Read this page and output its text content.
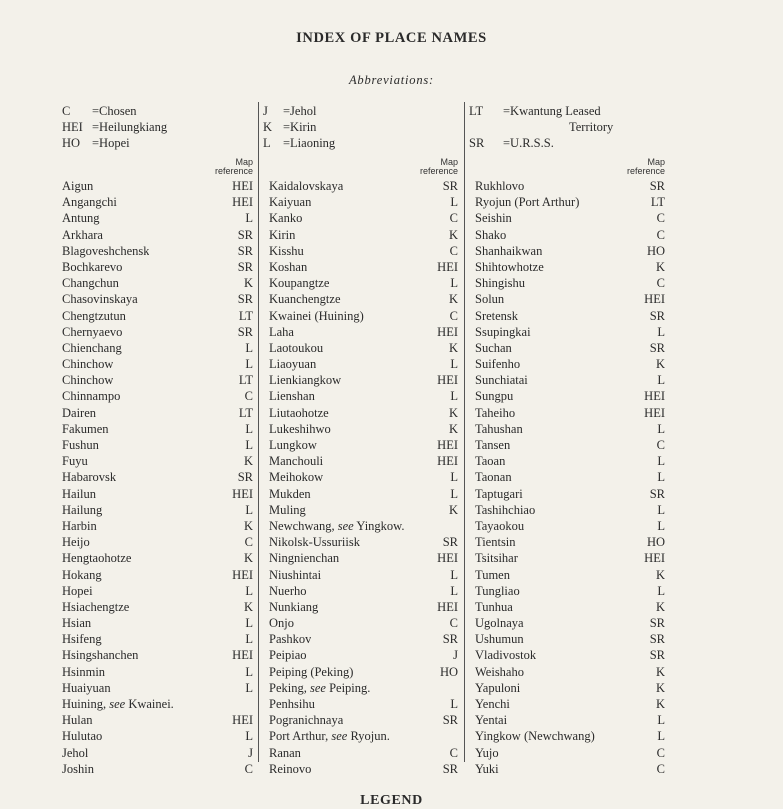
INDEX OF PLACE NAMES
Abbreviations:
C =Chosen
HEI =Heilungkiang
HO =Hopei
Map
reference
Aigun	HEI
Angangchi	HEI
Antung	L
Arkhara	SR
Blagoveshchensk	SR
Bochkarevo	SR
Changchun	K
Chasovinskaya	SR
Chengtzutun	LT
Chernyaevo	SR
Chienchang	L
Chinchow	L
Chinchow	LT
Chinnampo	C
Dairen	LT
Fakumen	L
Fushun	L
Fuyu	K
Habarovsk	SR
Hailun	HEI
Hailung	L
Harbin	K
Heijo	C
Hengtaohotze	K
Hokang	HEI
Hopei	L
Hsiachengtze	K
Hsian	L
Hsifeng	L
Hsingshanchen	HEI
Hsinmin	L
Huaiyuan	L
Huining, see Kwainei.
Hulan	HEI
Hulutao	L
Jehol	J
Joshin	C
J =Jehol
K =Kirin
L =Liaoning
Map
reference
Kaidalovskaya	SR
Kaiyuan	L
Kanko	C
Kirin	K
Kisshu	C
Koshan	HEI
Koupangtze	L
Kuanchengtze	K
Kwainei (Huining)	C
Laha	HEI
Laotoukou	K
Liaoyuan	L
Lienkiangkow	HEI
Lienshan	L
Liutaohotze	K
Lukeshihwo	K
Lungkow	HEI
Manchouli	HEI
Meihokow	L
Mukden	L
Muling	K
Newchwang, see Yingkow.
Nikolsk-Ussuriisk	SR
Ningnienchan	HEI
Niushintai	L
Nuerho	L
Nunkiang	HEI
Onjo	C
Pashkov	SR
Peipiao	J
Peiping (Peking)	HO
Peking, see Peiping.
Penhsihu	L
Pogranichnaya	SR
Port Arthur, see Ryojun.
Ranan	C
Reinovo	SR
LT =Kwantung Leased
Territory
SR =U.R.S.S.
Map
reference
Rukhlovo	SR
Ryojun (Port Arthur)	LT
Seishin	C
Shako	C
Shanhaikwan	HO
Shihtowhotze	K
Shingishu	C
Solun	HEI
Sretensk	SR
Ssupingkai	L
Suchan	SR
Suifenho	K
Sunchiatai	L
Sungpu	HEI
Taheiho	HEI
Tahushan	L
Tansen	C
Taoan	L
Taonan	L
Taptugari	SR
Tashihchiao	L
Tayaokou	L
Tientsin	HO
Tsitsihar	HEI
Tumen	K
Tungliao	L
Tunhua	K
Ugolnaya	SR
Ushumun	SR
Vladivostok	SR
Weishaho	K
Yapuloni	K
Yenchi	K
Yentai	L
Yingkow (Newchwang)	L
Yujo	C
Yuki	C
LEGEND
